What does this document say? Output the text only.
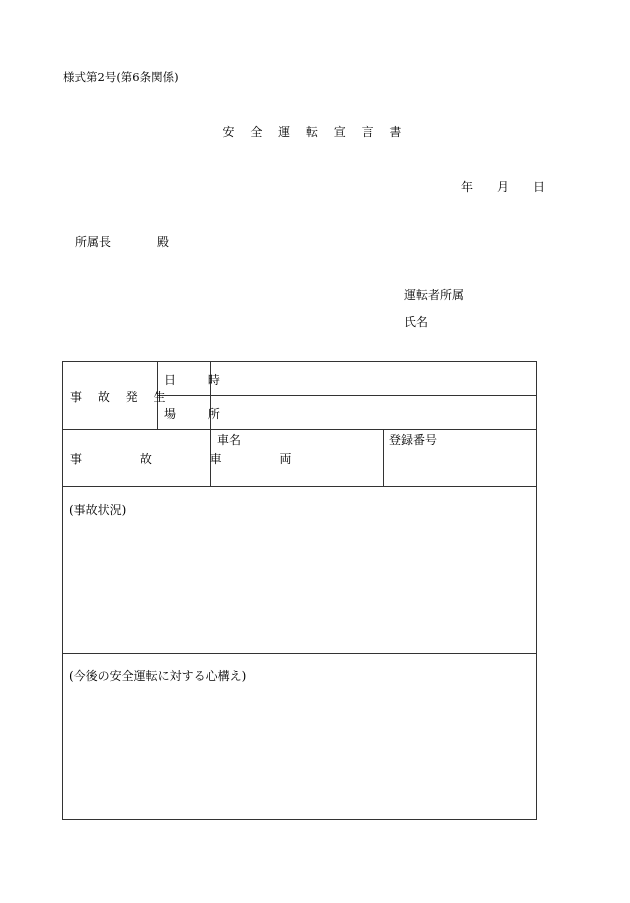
様式第2号(第6条関係)
安 全 運 転 宣 言 書
年 月 日
所属長	殿
運転者所属
氏名
事 故 発 生
日 時
場 所
事 故 車 両
車名	登録番号
(事故状況)
(今後の安全運転に対する心構え)
